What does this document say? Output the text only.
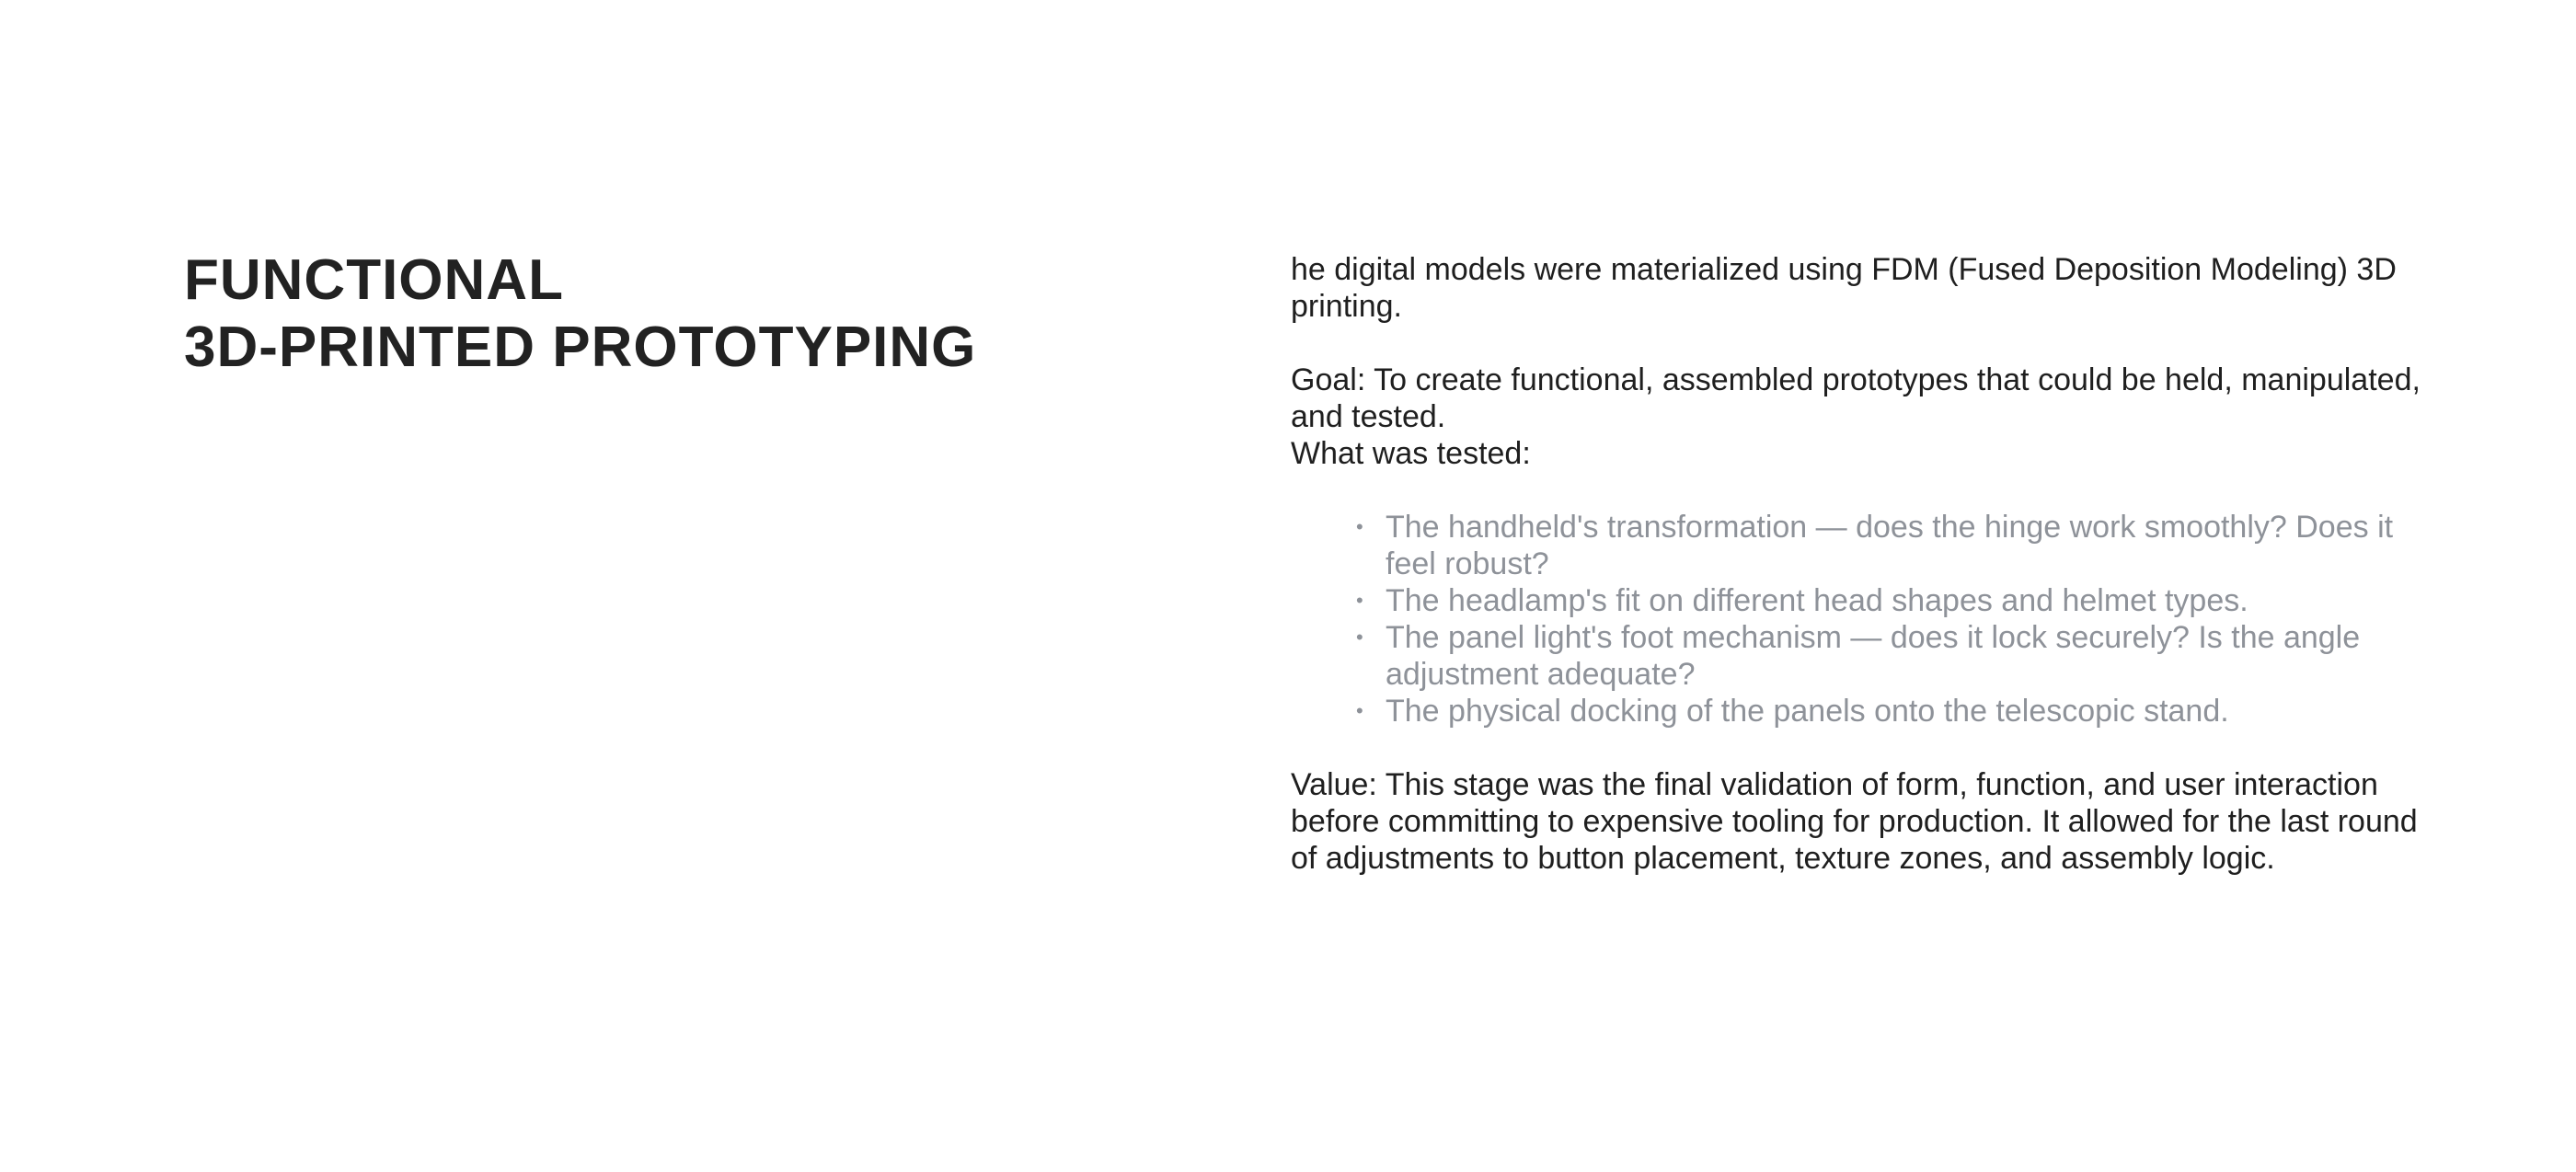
FUNCTIONAL
3D-PRINTED PROTOTYPING

he digital models were materialized using FDM (Fused Deposition Modeling) 3D printing.

Goal: To create functional, assembled prototypes that could be held, manipulated, and tested.

What was tested:

• The handheld's transformation — does the hinge work smoothly? Does it feel robust?
• The headlamp's fit on different head shapes and helmet types.
• The panel light's foot mechanism — does it lock securely? Is the angle adjustment adequate?
• The physical docking of the panels onto the telescopic stand.

Value: This stage was the final validation of form, function, and user interaction before committing to expensive tooling for production. It allowed for the last round of adjustments to button placement, texture zones, and assembly logic.
